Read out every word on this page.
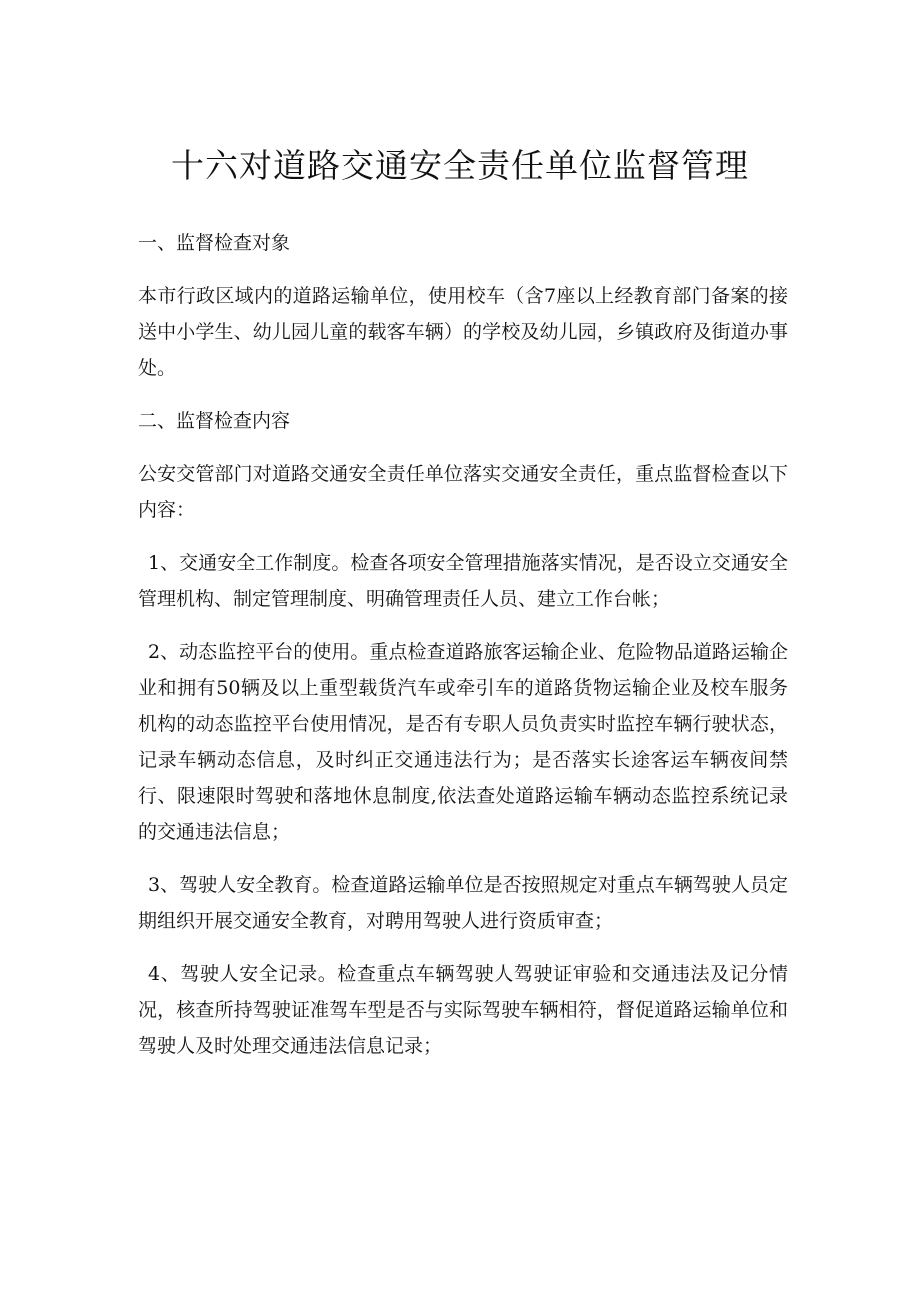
十六对道路交通安全责任单位监督管理

一、监督检查对象

本市行政区域内的道路运输单位，使用校车（含7座以上经教育部门备案的接送中小学生、幼儿园儿童的载客车辆）的学校及幼儿园，乡镇政府及街道办事处。

二、监督检查内容

公安交管部门对道路交通安全责任单位落实交通安全责任，重点监督检查以下内容：

1、交通安全工作制度。检查各项安全管理措施落实情况，是否设立交通安全管理机构、制定管理制度、明确管理责任人员、建立工作台帐；

2、动态监控平台的使用。重点检查道路旅客运输企业、危险物品道路运输企业和拥有50辆及以上重型载货汽车或牵引车的道路货物运输企业及校车服务机构的动态监控平台使用情况，是否有专职人员负责实时监控车辆行驶状态，记录车辆动态信息，及时纠正交通违法行为；是否落实长途客运车辆夜间禁行、限速限时驾驶和落地休息制度,依法查处道路运输车辆动态监控系统记录的交通违法信息；

3、驾驶人安全教育。检查道路运输单位是否按照规定对重点车辆驾驶人员定期组织开展交通安全教育，对聘用驾驶人进行资质审查；

4、驾驶人安全记录。检查重点车辆驾驶人驾驶证审验和交通违法及记分情况，核查所持驾驶证准驾车型是否与实际驾驶车辆相符，督促道路运输单位和驾驶人及时处理交通违法信息记录；
